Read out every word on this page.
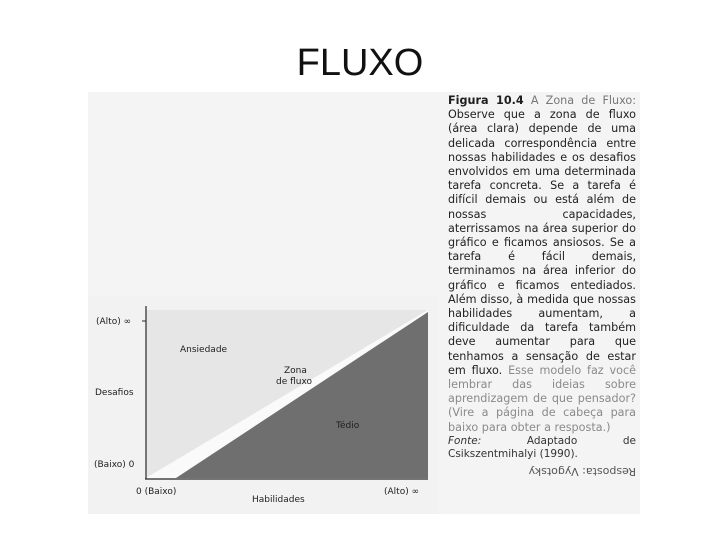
FLUXO
(Alto) ∞
Desafios
(Baixo) 0
0 (Baixo)	(Alto) ∞
Habilidades
Ansiedade
Zona
de fluxo
Tédio

Figura 10.4 A Zona de Fluxo: Observe que a zona de fluxo (área clara) depende de uma delicada correspondência entre nossas habilidades e os desafios envolvidos em uma determinada tarefa concreta. Se a tarefa é difícil demais ou está além de nossas capacidades, aterrissamos na área superior do gráfico e ficamos ansiosos. Se a tarefa é fácil demais, terminamos na área inferior do gráfico e ficamos entediados. Além disso, à medida que nossas habilidades aumentam, a dificuldade da tarefa também deve aumentar para que tenhamos a sensação de estar em fluxo. Esse modelo faz você lembrar das ideias sobre aprendizagem de que pensador? (Vire a página de cabeça para baixo para obter a resposta.)

Fonte:	Adaptado de Csikszentmihalyi (1990).

Resposta: Vygotsky
